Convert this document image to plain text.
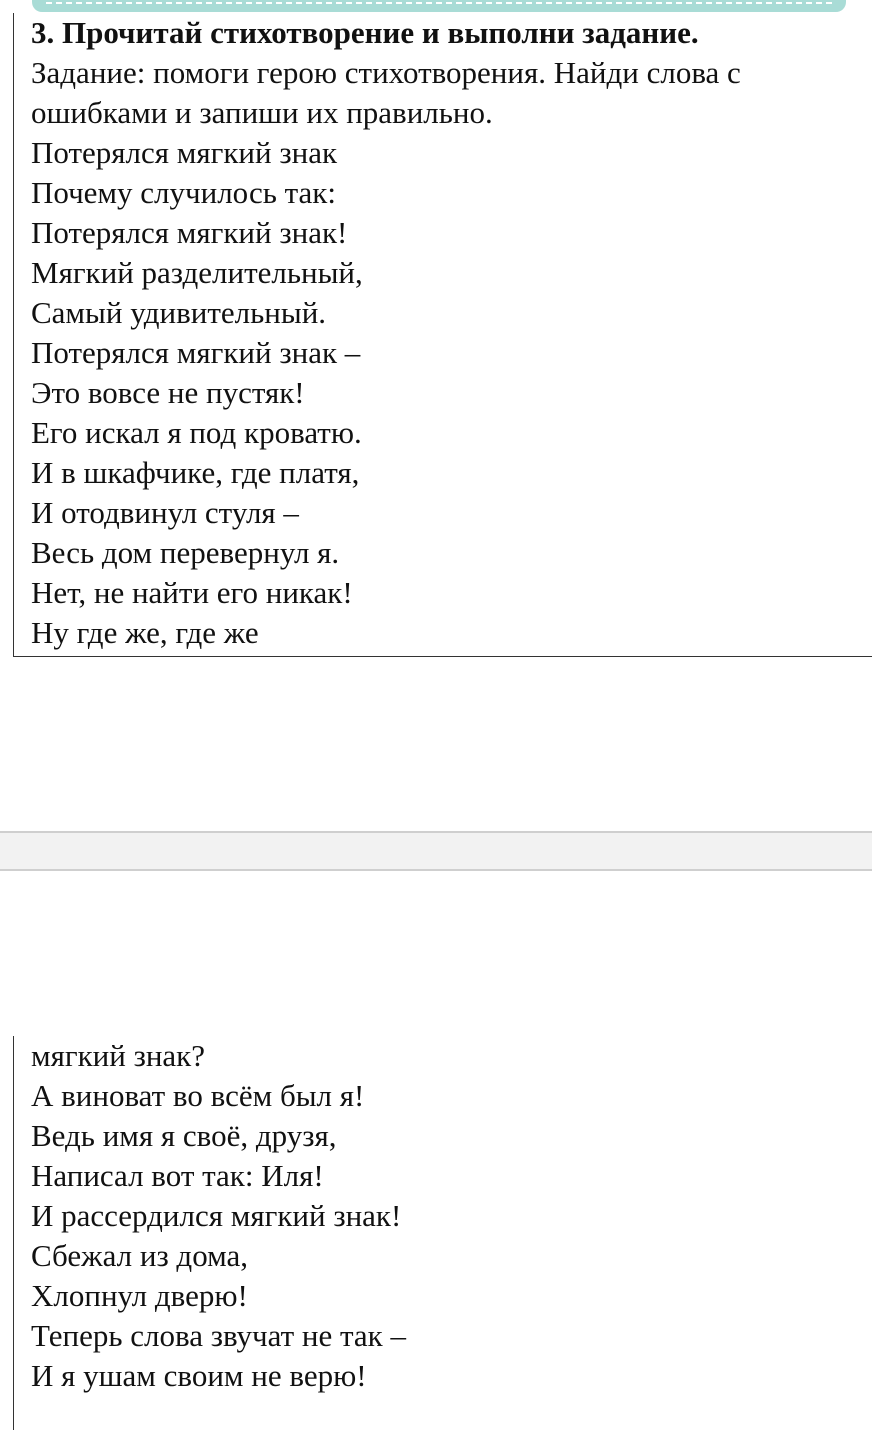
3. Прочитай стихотворение и выполни задание.
Задание: помоги герою стихотворения. Найди слова с
ошибками и запиши их правильно.
Потерялся мягкий знак
Почему случилось так:
Потерялся мягкий знак!
Мягкий разделительный,
Самый удивительный.
Потерялся мягкий знак –
Это вовсе не пустяк!
Его искал я под кроватю.
И в шкафчике, где платя,
И отодвинул стуля –
Весь дом перевернул я.
Нет, не найти его никак!
Ну где же, где же
мягкий знак?
А виноват во всём был я!
Ведь имя я своё, друзя,
Написал вот так: Иля!
И рассердился мягкий знак!
Сбежал из дома,
Хлопнул дверю!
Теперь слова звучат не так –
И я ушам своим не верю!
